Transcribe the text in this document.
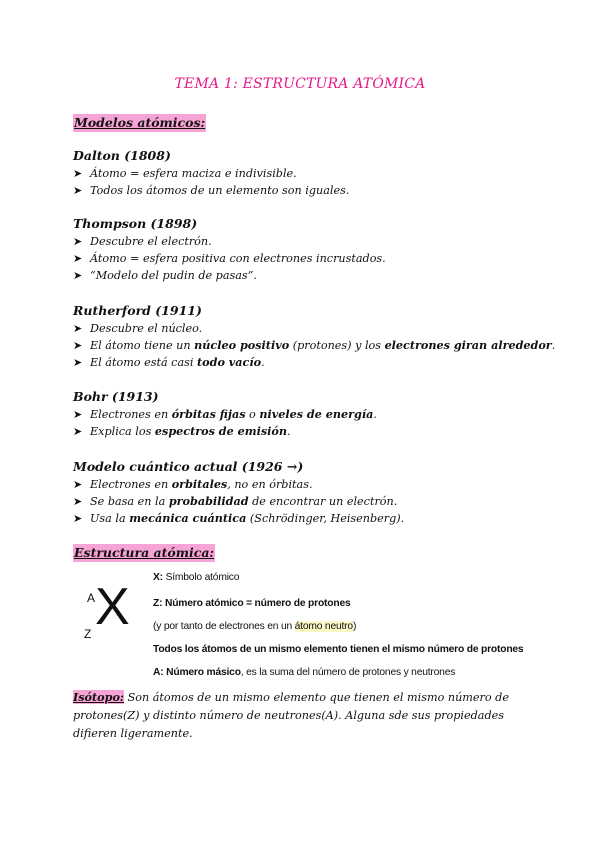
TEMA 1: ESTRUCTURA ATÓMICA
Modelos atómicos:
Dalton (1808)
➤ Átomo = esfera maciza e indivisible.
➤ Todos los átomos de un elemento son iguales.
Thompson (1898)
➤ Descubre el electrón.
➤ Átomo = esfera positiva con electrones incrustados.
➤ “Modelo del pudin de pasas”.
Rutherford (1911)
➤ Descubre el núcleo.
➤ El átomo tiene un núcleo positivo (protones) y los electrones giran alrededor.
➤ El átomo está casi todo vacío.
Bohr (1913)
➤ Electrones en órbitas fijas o niveles de energía.
➤ Explica los espectros de emisión.
Modelo cuántico actual (1926 →)
➤ Electrones en orbitales, no en órbitas.
➤ Se basa en la probabilidad de encontrar un electrón.
➤ Usa la mecánica cuántica (Schrödinger, Heisenberg).
Estructura atómica:
A X
Z
X: Símbolo atómico
Z: Número atómico = número de protones
(y por tanto de electrones en un átomo neutro)
Todos los átomos de un mismo elemento tienen el mismo número de protones
A: Número másico, es la suma del número de protones y neutrones
Isótopo: Son átomos de un mismo elemento que tienen el mismo número de protones(Z) y distinto número de neutrones(A). Alguna sde sus propiedades difieren ligeramente.
